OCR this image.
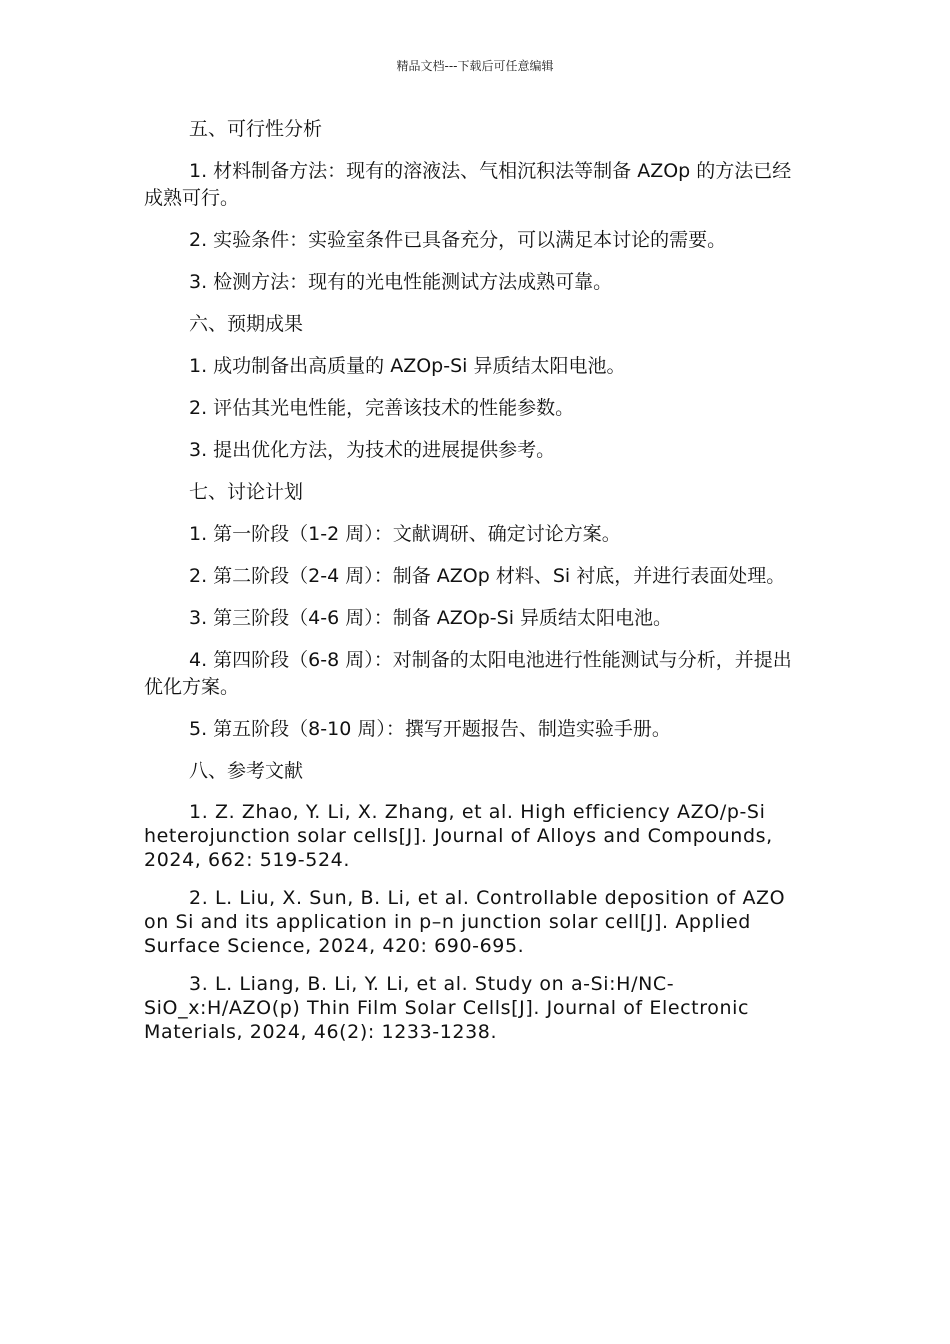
精品文档---下载后可任意编辑

五、可行性分析

1. 材料制备方法：现有的溶液法、气相沉积法等制备 AZOp 的方法已经成熟可行。

2. 实验条件：实验室条件已具备充分，可以满足本讨论的需要。

3. 检测方法：现有的光电性能测试方法成熟可靠。

六、预期成果

1. 成功制备出高质量的 AZOp-Si 异质结太阳电池。

2. 评估其光电性能，完善该技术的性能参数。

3. 提出优化方法，为技术的进展提供参考。

七、讨论计划

1. 第一阶段（1-2 周）：文献调研、确定讨论方案。

2. 第二阶段（2-4 周）：制备 AZOp 材料、Si 衬底，并进行表面处理。

3. 第三阶段（4-6 周）：制备 AZOp-Si 异质结太阳电池。

4. 第四阶段（6-8 周）：对制备的太阳电池进行性能测试与分析，并提出优化方案。

5. 第五阶段（8-10 周）：撰写开题报告、制造实验手册。

八、参考文献

1. Z. Zhao, Y. Li, X. Zhang, et al. High efficiency AZO/p-Si heterojunction solar cells[J]. Journal of Alloys and Compounds, 2024, 662: 519-524.

2. L. Liu, X. Sun, B. Li, et al. Controllable deposition of AZO on Si and its application in p–n junction solar cell[J]. Applied Surface Science, 2024, 420: 690-695.

3. L. Liang, B. Li, Y. Li, et al. Study on a-Si:H/NC-SiO_x:H/AZO(p) Thin Film Solar Cells[J]. Journal of Electronic Materials, 2024, 46(2): 1233-1238.
